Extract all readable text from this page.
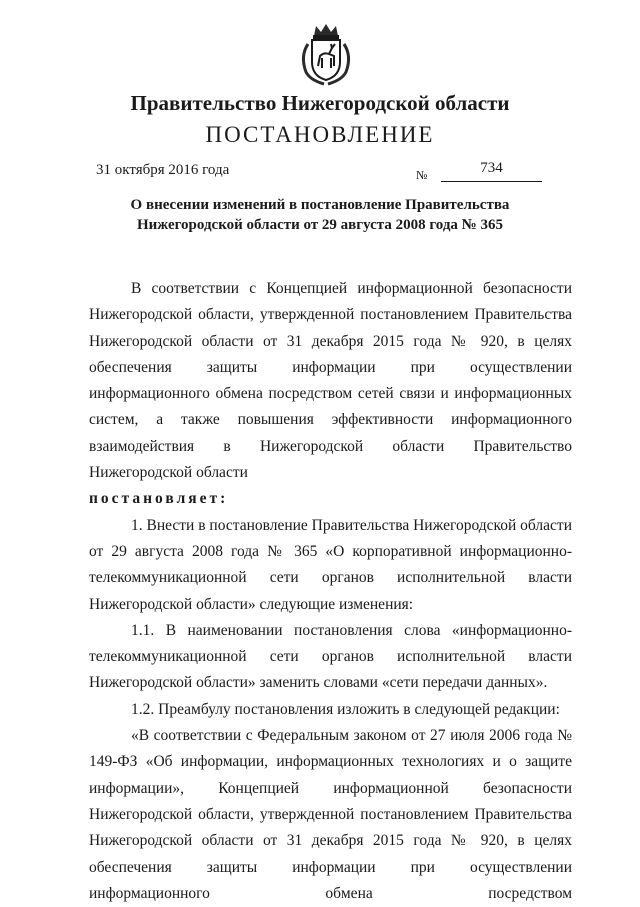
Правительство Нижегородской области
ПОСТАНОВЛЕНИЕ
31 октября 2016 года	№	734
О внесении изменений в постановление Правительства
Нижегородской области от 29 августа 2008 года № 365

В соответствии с Концепцией информационной безопасности Нижегородской области, утвержденной постановлением Правительства Нижегородской области от 31 декабря 2015 года № 920, в целях обеспечения защиты информации при осуществлении информационного обмена посредством сетей связи и информационных систем, а также повышения эффективности информационного взаимодействия в Нижегородской области Правительство Нижегородской области

постановляет:

1. Внести в постановление Правительства Нижегородской области от 29 августа 2008 года № 365 «О корпоративной информационно-телекоммуникационной сети органов исполнительной власти Нижегородской области» следующие изменения:

1.1. В наименовании постановления слова «информационно-телекоммуникационной сети органов исполнительной власти Нижегородской области» заменить словами «сети передачи данных».

1.2. Преамбулу постановления изложить в следующей редакции:

«В соответствии с Федеральным законом от 27 июля 2006 года № 149-ФЗ «Об информации, информационных технологиях и о защите информации», Концепцией информационной безопасности Нижегородской области, утвержденной постановлением Правительства Нижегородской области от 31 декабря 2015 года № 920, в целях обеспечения защиты информации при осуществлении информационного обмена посредством
